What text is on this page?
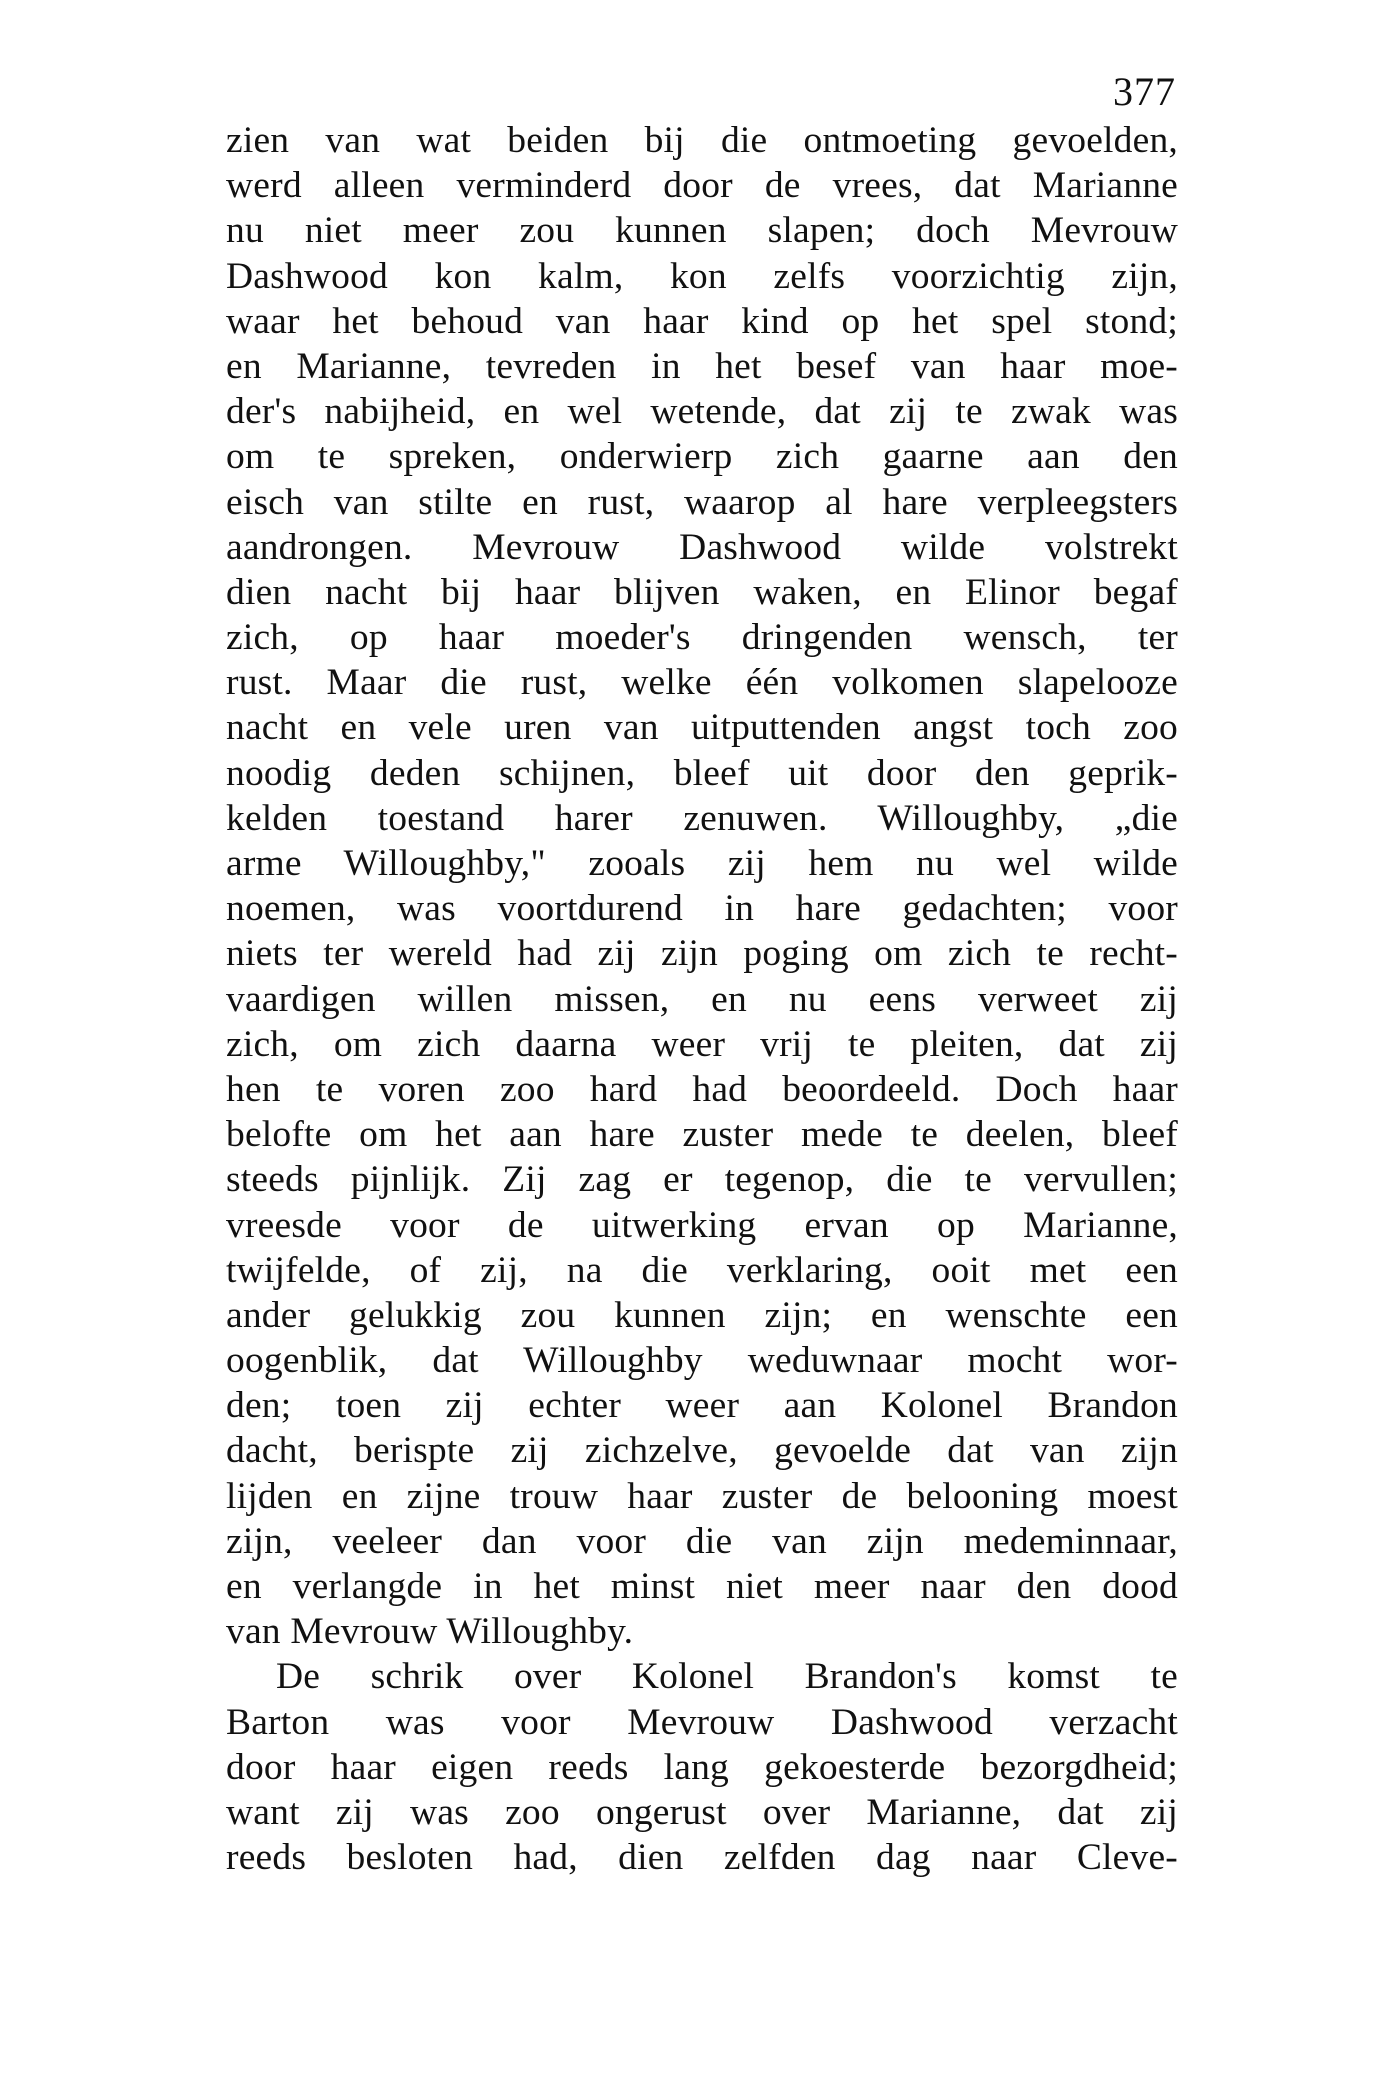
377
zien van wat beiden bij die ontmoeting gevoelden,
werd alleen verminderd door de vrees, dat Marianne
nu niet meer zou kunnen slapen; doch Mevrouw
Dashwood kon kalm, kon zelfs voorzichtig zijn,
waar het behoud van haar kind op het spel stond;
en Marianne, tevreden in het besef van haar moe-
der's nabijheid, en wel wetende, dat zij te zwak was
om te spreken, onderwierp zich gaarne aan den
eisch van stilte en rust, waarop al hare verpleegsters
aandrongen. Mevrouw Dashwood wilde volstrekt
dien nacht bij haar blijven waken, en Elinor begaf
zich, op haar moeder's dringenden wensch, ter
rust. Maar die rust, welke één volkomen slapelooze
nacht en vele uren van uitputtenden angst toch zoo
noodig deden schijnen, bleef uit door den geprik-
kelden toestand harer zenuwen. Willoughby, „die
arme Willoughby," zooals zij hem nu wel wilde
noemen, was voortdurend in hare gedachten; voor
niets ter wereld had zij zijn poging om zich te recht-
vaardigen willen missen, en nu eens verweet zij
zich, om zich daarna weer vrij te pleiten, dat zij
hen te voren zoo hard had beoordeeld. Doch haar
belofte om het aan hare zuster mede te deelen, bleef
steeds pijnlijk. Zij zag er tegenop, die te vervullen;
vreesde voor de uitwerking ervan op Marianne,
twijfelde, of zij, na die verklaring, ooit met een
ander gelukkig zou kunnen zijn; en wenschte een
oogenblik, dat Willoughby weduwnaar mocht wor-
den; toen zij echter weer aan Kolonel Brandon
dacht, berispte zij zichzelve, gevoelde dat van zijn
lijden en zijne trouw haar zuster de belooning moest
zijn, veeleer dan voor die van zijn medeminnaar,
en verlangde in het minst niet meer naar den dood
van Mevrouw Willoughby.
De schrik over Kolonel Brandon's komst te
Barton was voor Mevrouw Dashwood verzacht
door haar eigen reeds lang gekoesterde bezorgdheid;
want zij was zoo ongerust over Marianne, dat zij
reeds besloten had, dien zelfden dag naar Cleve-
